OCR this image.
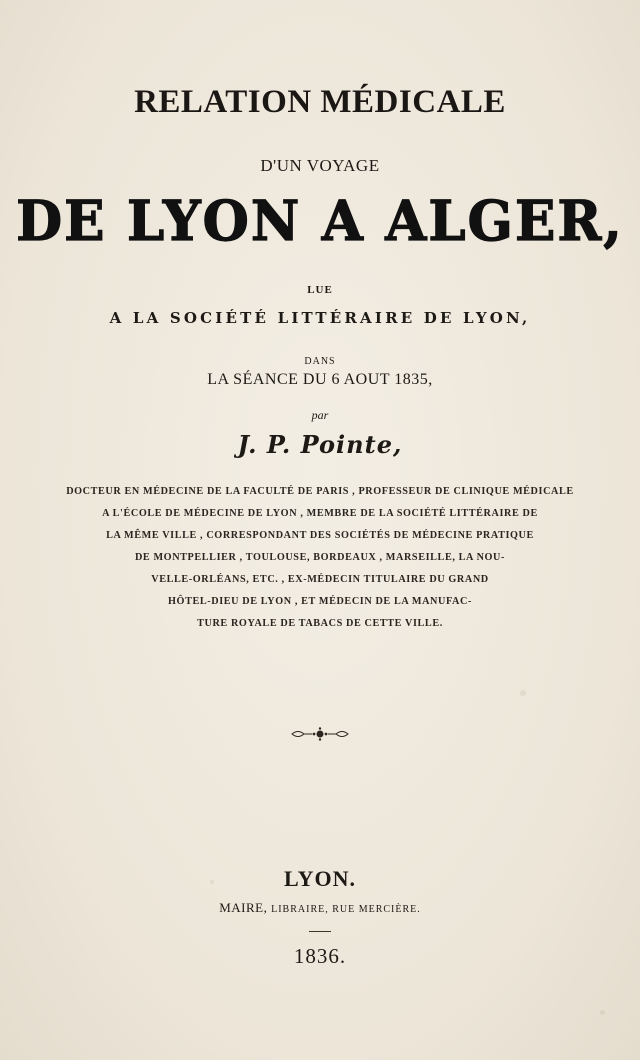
RELATION MÉDICALE
D'UN VOYAGE
DE LYON A ALGER,
LUE
A LA SOCIÉTÉ LITTÉRAIRE DE LYON,
DANS
LA SÉANCE DU 6 AOUT 1835,
par
J. P. Pointe,
DOCTEUR EN MÉDECINE DE LA FACULTÉ DE PARIS , PROFESSEUR DE CLINIQUE MÉDICALE
A L'ÉCOLE DE MÉDECINE DE LYON , MEMBRE DE LA SOCIÉTÉ LITTÉRAIRE DE
LA MÊME VILLE , CORRESPONDANT DES SOCIÉTÉS DE MÉDECINE PRATIQUE
DE MONTPELLIER , TOULOUSE, BORDEAUX , MARSEILLE, LA NOU-
VELLE-ORLÉANS, ETC. , EX-MÉDECIN TITULAIRE DU GRAND
HÔTEL-DIEU DE LYON , ET MÉDECIN DE LA MANUFAC-
TURE ROYALE DE TABACS DE CETTE VILLE.
LYON.
MAIRE, LIBRAIRE, RUE MERCIÈRE.
1836.
